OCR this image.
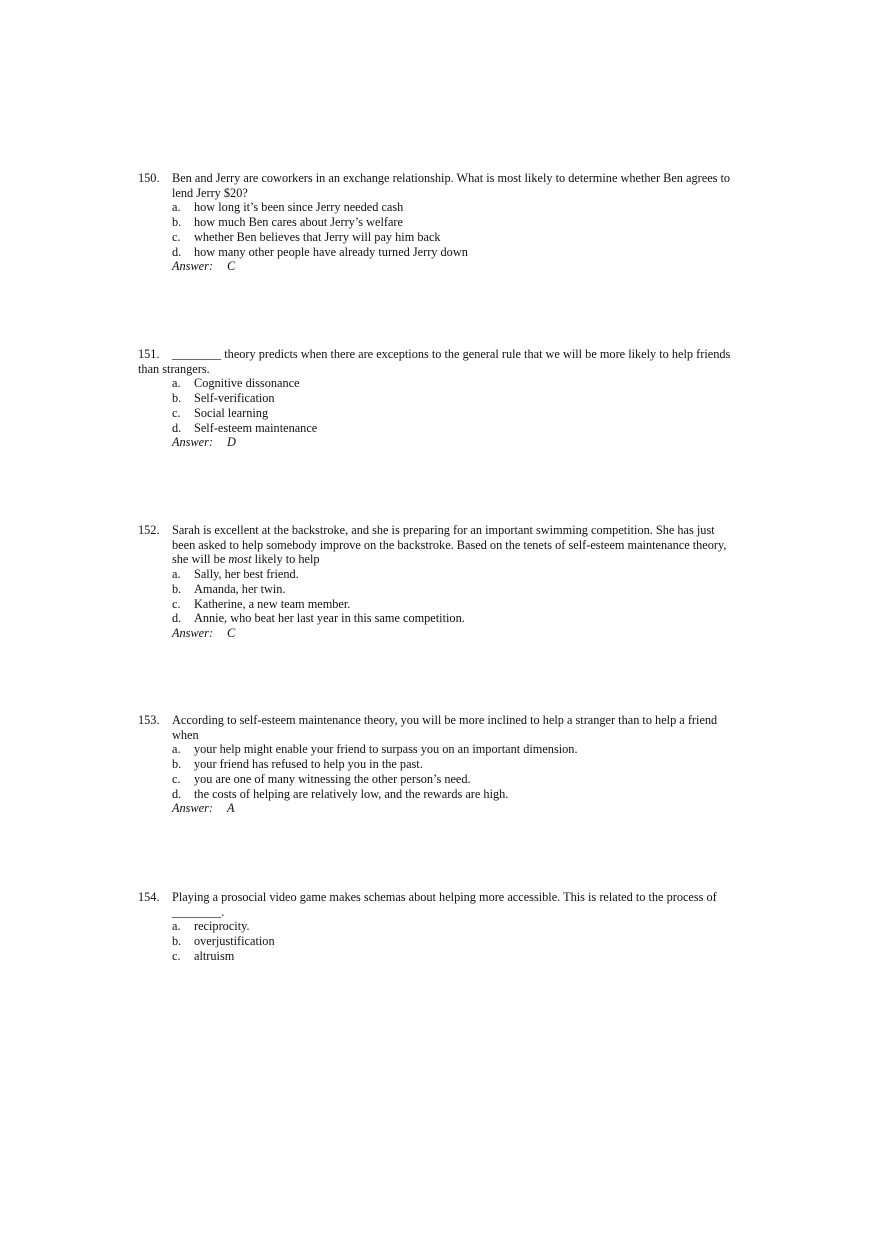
150. Ben and Jerry are coworkers in an exchange relationship. What is most likely to determine whether Ben agrees to lend Jerry $20?
a. how long it’s been since Jerry needed cash
b. how much Ben cares about Jerry’s welfare
c. whether Ben believes that Jerry will pay him back
d. how many other people have already turned Jerry down
Answer: C
151.	________ theory predicts when there are exceptions to the general rule that we will be more likely to help friends than strangers.
a. Cognitive dissonance
b. Self-verification
c. Social learning
d. Self-esteem maintenance
Answer: D
152. Sarah is excellent at the backstroke, and she is preparing for an important swimming competition. She has just been asked to help somebody improve on the backstroke. Based on the tenets of self-esteem maintenance theory, she will be most likely to help
a. Sally, her best friend.
b. Amanda, her twin.
c. Katherine, a new team member.
d. Annie, who beat her last year in this same competition.
Answer: C
153. According to self-esteem maintenance theory, you will be more inclined to help a stranger than to help a friend when
a. your help might enable your friend to surpass you on an important dimension.
b. your friend has refused to help you in the past.
c. you are one of many witnessing the other person’s need.
d. the costs of helping are relatively low, and the rewards are high.
Answer: A
154. Playing a prosocial video game makes schemas about helping more accessible. This is related to the process of ________.
a. reciprocity.
b. overjustification
c. altruism
